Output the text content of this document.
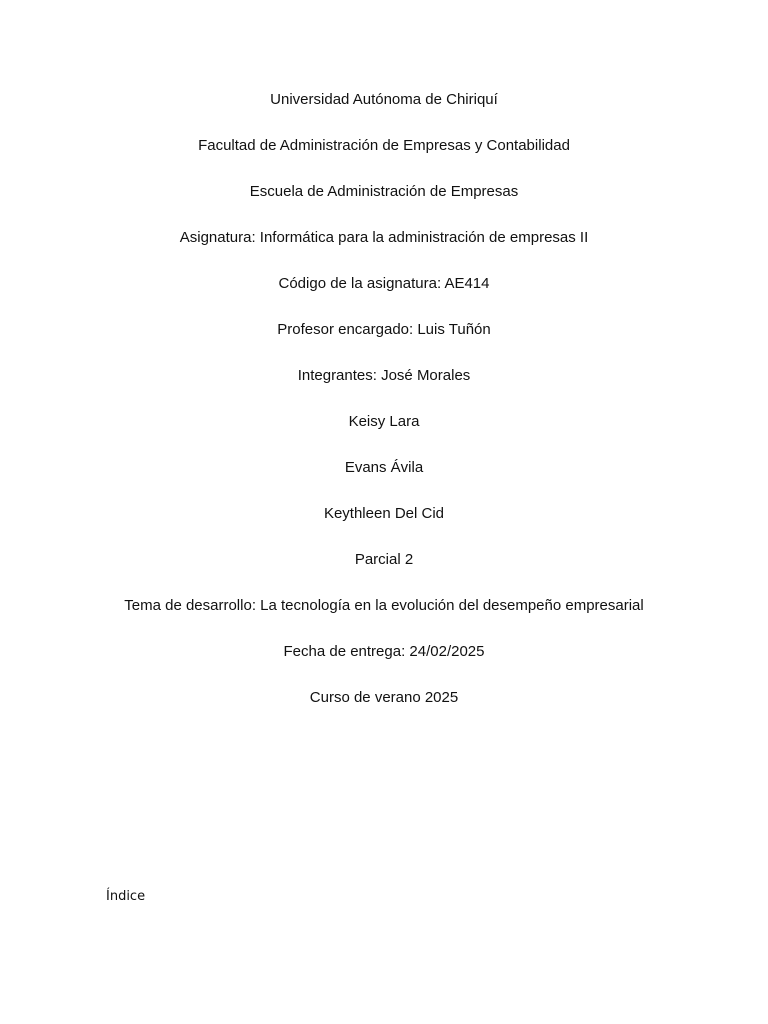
Universidad Autónoma de Chiriquí
Facultad de Administración de Empresas y Contabilidad
Escuela de Administración de Empresas
Asignatura: Informática para la administración de empresas II
Código de la asignatura: AE414
Profesor encargado: Luis Tuñón
Integrantes: José Morales
Keisy Lara
Evans Ávila
Keythleen Del Cid
Parcial 2
Tema de desarrollo: La tecnología en la evolución del desempeño empresarial
Fecha de entrega: 24/02/2025
Curso de verano 2025
Índice
